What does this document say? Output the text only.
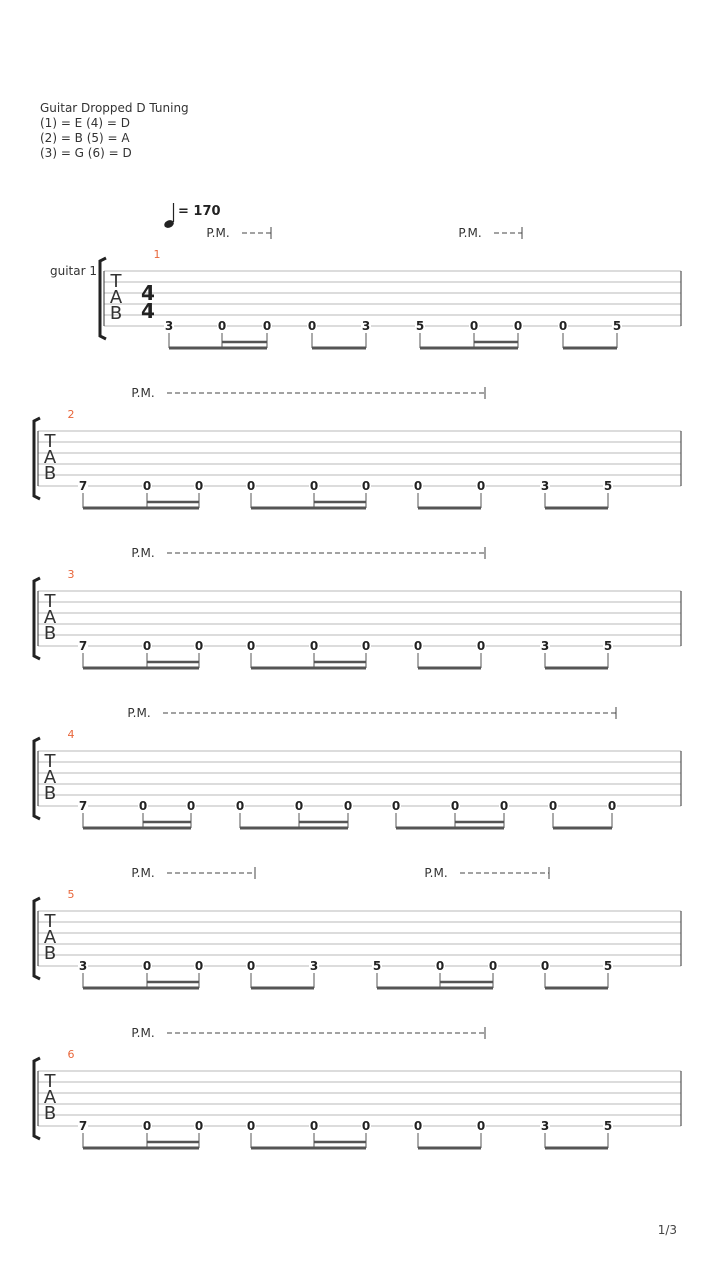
Guitar Dropped D Tuning
(1) = E (4) = D
(2) = B (5) = A
(3) = G (6) = D
= 170
guitar 1 T
A
B
4
4
1
3	0	0	0	3	5	0	0	0	5
P.M.	P.M.
T
A
B
2
7	0	0	0	0	0	0	0	3	5
P.M.
T
A
B
3
7	0	0	0	0	0	0	0	3	5
P.M.
T
A
B
4
7	0	0	0	0	0	0	0	0	0	0
P.M.
T
A
B
5
3	0	0	0	3	5	0	0	0	5
P.M.	P.M.
T
A
B
6
7	0	0	0	0	0	0	0	3	5
P.M.
1/3
